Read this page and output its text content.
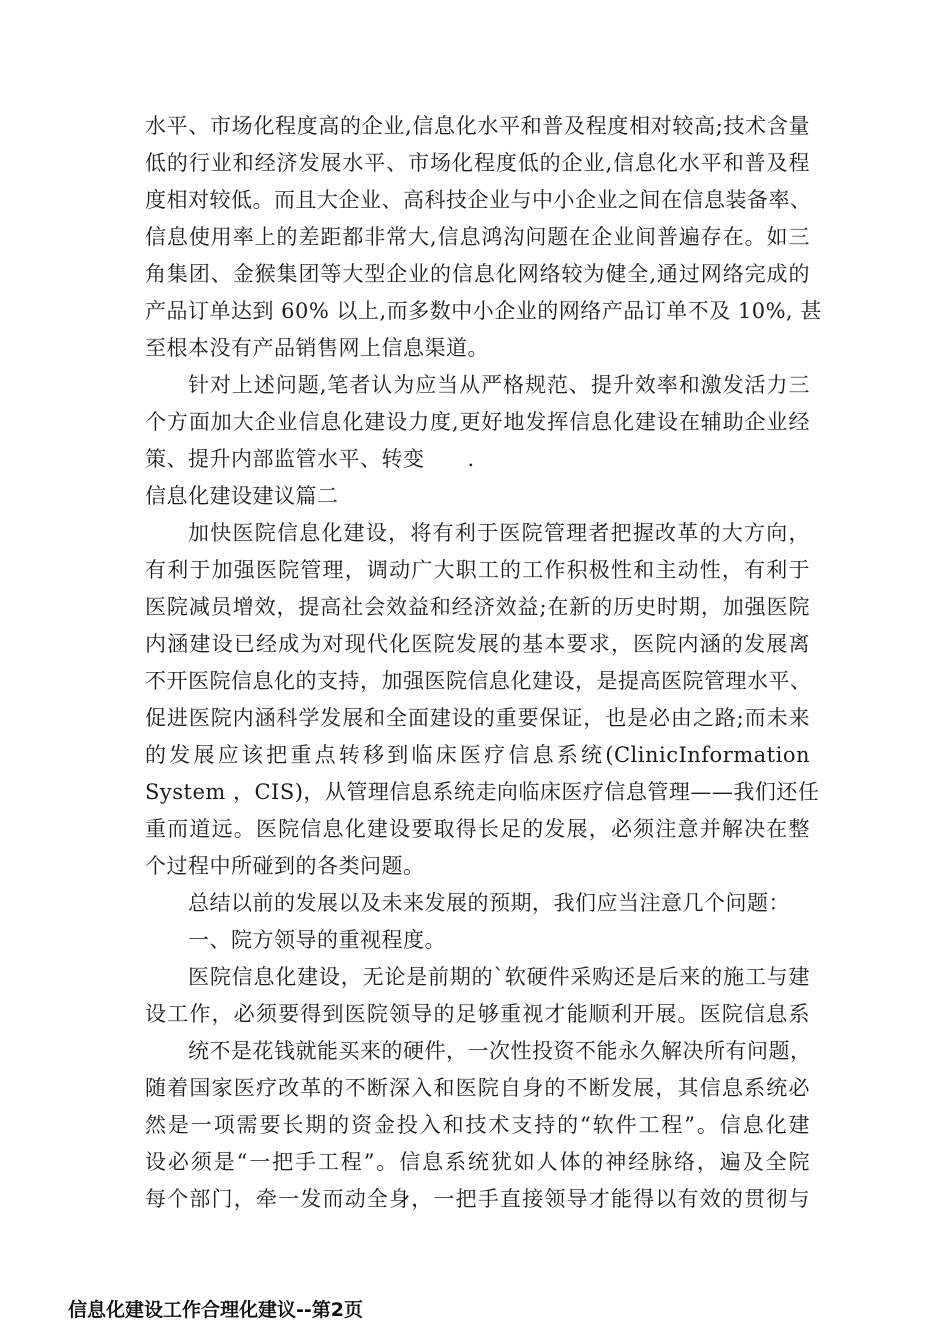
水平、市场化程度高的企业,信息化水平和普及程度相对较高;技术含量
低的行业和经济发展水平、市场化程度低的企业,信息化水平和普及程
度相对较低。而且大企业、高科技企业与中小企业之间在信息装备率、
信息使用率上的差距都非常大,信息鸿沟问题在企业间普遍存在。如三
角集团、金猴集团等大型企业的信息化网络较为健全,通过网络完成的
产品订单达到 60% 以上,而多数中小企业的网络产品订单不及 10%, 甚
至根本没有产品销售网上信息渠道。
针对上述问题,笔者认为应当从严格规范、提升效率和激发活力三
个方面加大企业信息化建设力度,更好地发挥信息化建设在辅助企业经
策、提升内部监管水平、转变　　.
信息化建设建议篇二
加快医院信息化建设，将有利于医院管理者把握改革的大方向，
有利于加强医院管理，调动广大职工的工作积极性和主动性，有利于
医院减员增效，提高社会效益和经济效益;在新的历史时期，加强医院
内涵建设已经成为对现代化医院发展的基本要求，医院内涵的发展离
不开医院信息化的支持，加强医院信息化建设，是提高医院管理水平、
促进医院内涵科学发展和全面建设的重要保证，也是必由之路;而未来
的发展应该把重点转移到临床医疗信息系统(ClinicInformation
System ，CIS)，从管理信息系统走向临床医疗信息管理——我们还任
重而道远。医院信息化建设要取得长足的发展，必须注意并解决在整
个过程中所碰到的各类问题。
总结以前的发展以及未来发展的预期，我们应当注意几个问题：
一、院方领导的重视程度。
医院信息化建设，无论是前期的`软硬件采购还是后来的施工与建
设工作，必须要得到医院领导的足够重视才能顺利开展。医院信息系
统不是花钱就能买来的硬件，一次性投资不能永久解决所有问题，
随着国家医疗改革的不断深入和医院自身的不断发展，其信息系统必
然是一项需要长期的资金投入和技术支持的“软件工程”。信息化建
设必须是“一把手工程”。信息系统犹如人体的神经脉络，遍及全院
每个部门，牵一发而动全身，一把手直接领导才能得以有效的贯彻与
信息化建设工作合理化建议--第2页
